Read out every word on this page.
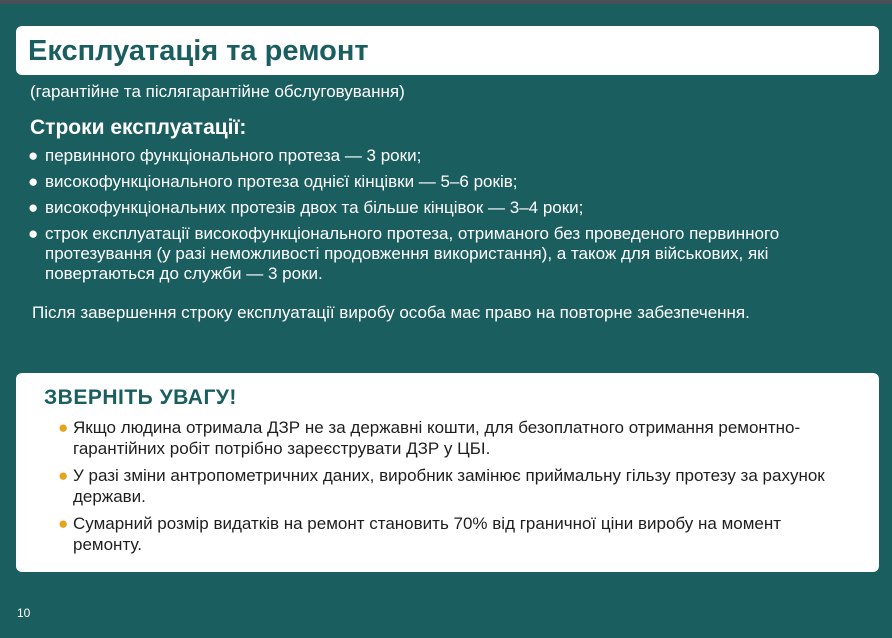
Експлуатація та ремонт
(гарантійне та післягарантійне обслуговування)
Строки експлуатації:
● первинного функціонального протеза — 3 роки;
● високофункціонального протеза однієї кінцівки — 5–6 років;
● високофункціональних протезів двох та більше кінцівок — 3–4 роки;
● строк експлуатації високофункціонального протеза, отриманого без проведеного первинного протезування (у разі неможливості продовження використання), а також для військових, які повертаються до служби — 3 роки.
Після завершення строку експлуатації виробу особа має право на повторне забезпечення.
ЗВЕРНІТЬ УВАГУ!
● Якщо людина отримала ДЗР не за державні кошти, для безоплатного отримання ремонтно-гарантійних робіт потрібно зареєструвати ДЗР у ЦБІ.
● У разі зміни антропометричних даних, виробник замінює приймальну гільзу протезу за рахунок держави.
● Сумарний розмір видатків на ремонт становить 70% від граничної ціни виробу на момент ремонту.
10
